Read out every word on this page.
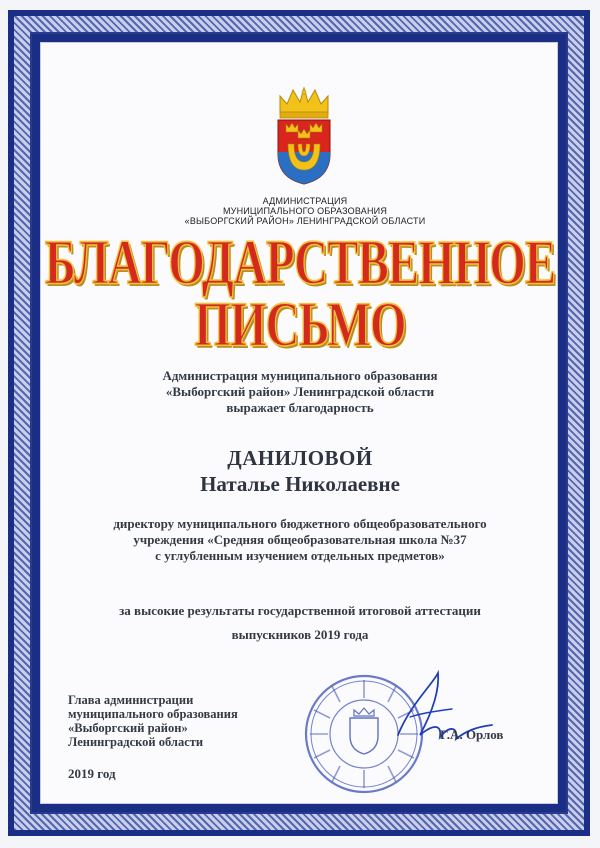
АДМИНИСТРАЦИЯ
МУНИЦИПАЛЬНОГО ОБРАЗОВАНИЯ
«ВЫБОРГСКИЙ РАЙОН» ЛЕНИНГРАДСКОЙ ОБЛАСТИ
БЛАГОДАРСТВЕННОЕ
ПИСЬМО
Администрация муниципального образования
«Выборгский район» Ленинградской области
выражает благодарность
ДАНИЛОВОЙ
Наталье Николаевне
директору муниципального бюджетного общеобразовательного
учреждения «Средняя общеобразовательная школа №37
с углубленным изучением отдельных предметов»
за высокие результаты государственной итоговой аттестации
выпускников 2019 года
Глава администрации
муниципального образования
«Выборгский район»
Ленинградской области
2019 год
Г.А. Орлов
